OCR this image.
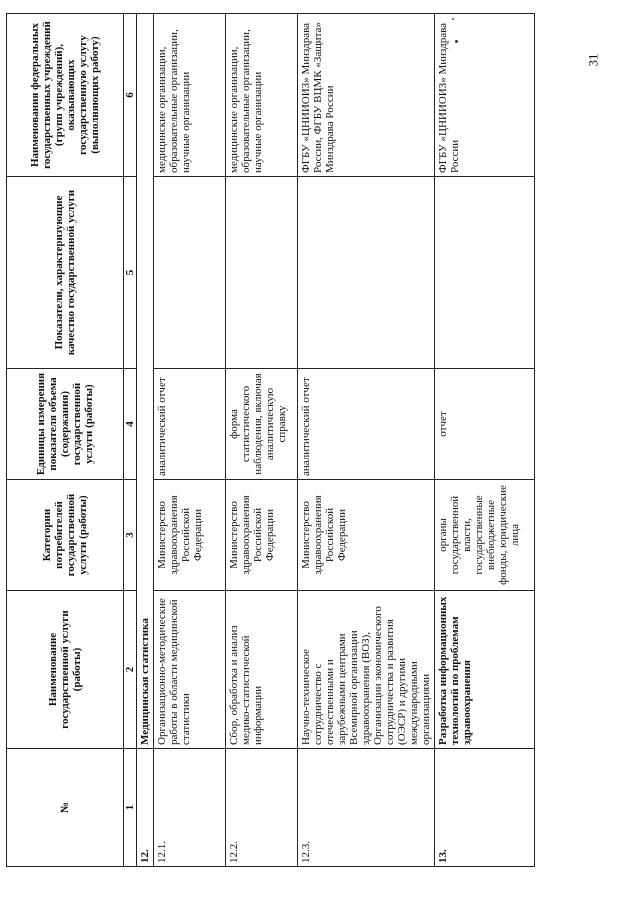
31
№	Наименование государственной услуги (работы)	Категории потребителей государственной услуги (работы)	Единицы измерения показателя объема (содержания) государственной услуги (работы)	Показатели, характеризующие качество государственной услуги	Наименования федеральных государственных учреждений (групп учреждений), оказывающих государственную услугу (выполняющих работу)
1	2	3	4	5	6
12.	Медицинская статистика				
12.1.	Организационно-методические работы в области медицинской статистики	Министерство здравоохранения Российской Федерации	аналитический отчет		медицинские организации, образовательные организации, научные организации
12.2.	Сбор, обработка и анализ медико-статистической информации	Министерство здравоохранения Российской Федерации	форма статистического наблюдения, включая аналитическую справку		медицинские организации, образовательные организации, научные организации
12.3.	Научно-техническое сотрудничество с отечественными и зарубежными центрами Всемирной организации здравоохранения (ВОЗ), Организации экономического сотрудничества и развития (ОЭСР) и другими международными организациями	Министерство здравоохранения Российской Федерации	аналитический отчет		ФГБУ «ЦНИИОИЗ» Минздрава России, ФГБУ ВЦМК «Защита» Минздрава России
13.	Разработка информационных технологий по проблемам здравоохранения	органы государственной власти, государственные внебюджетные фонды, юридические лица	отчет		ФГБУ «ЦНИИОИЗ» Минздрава России
